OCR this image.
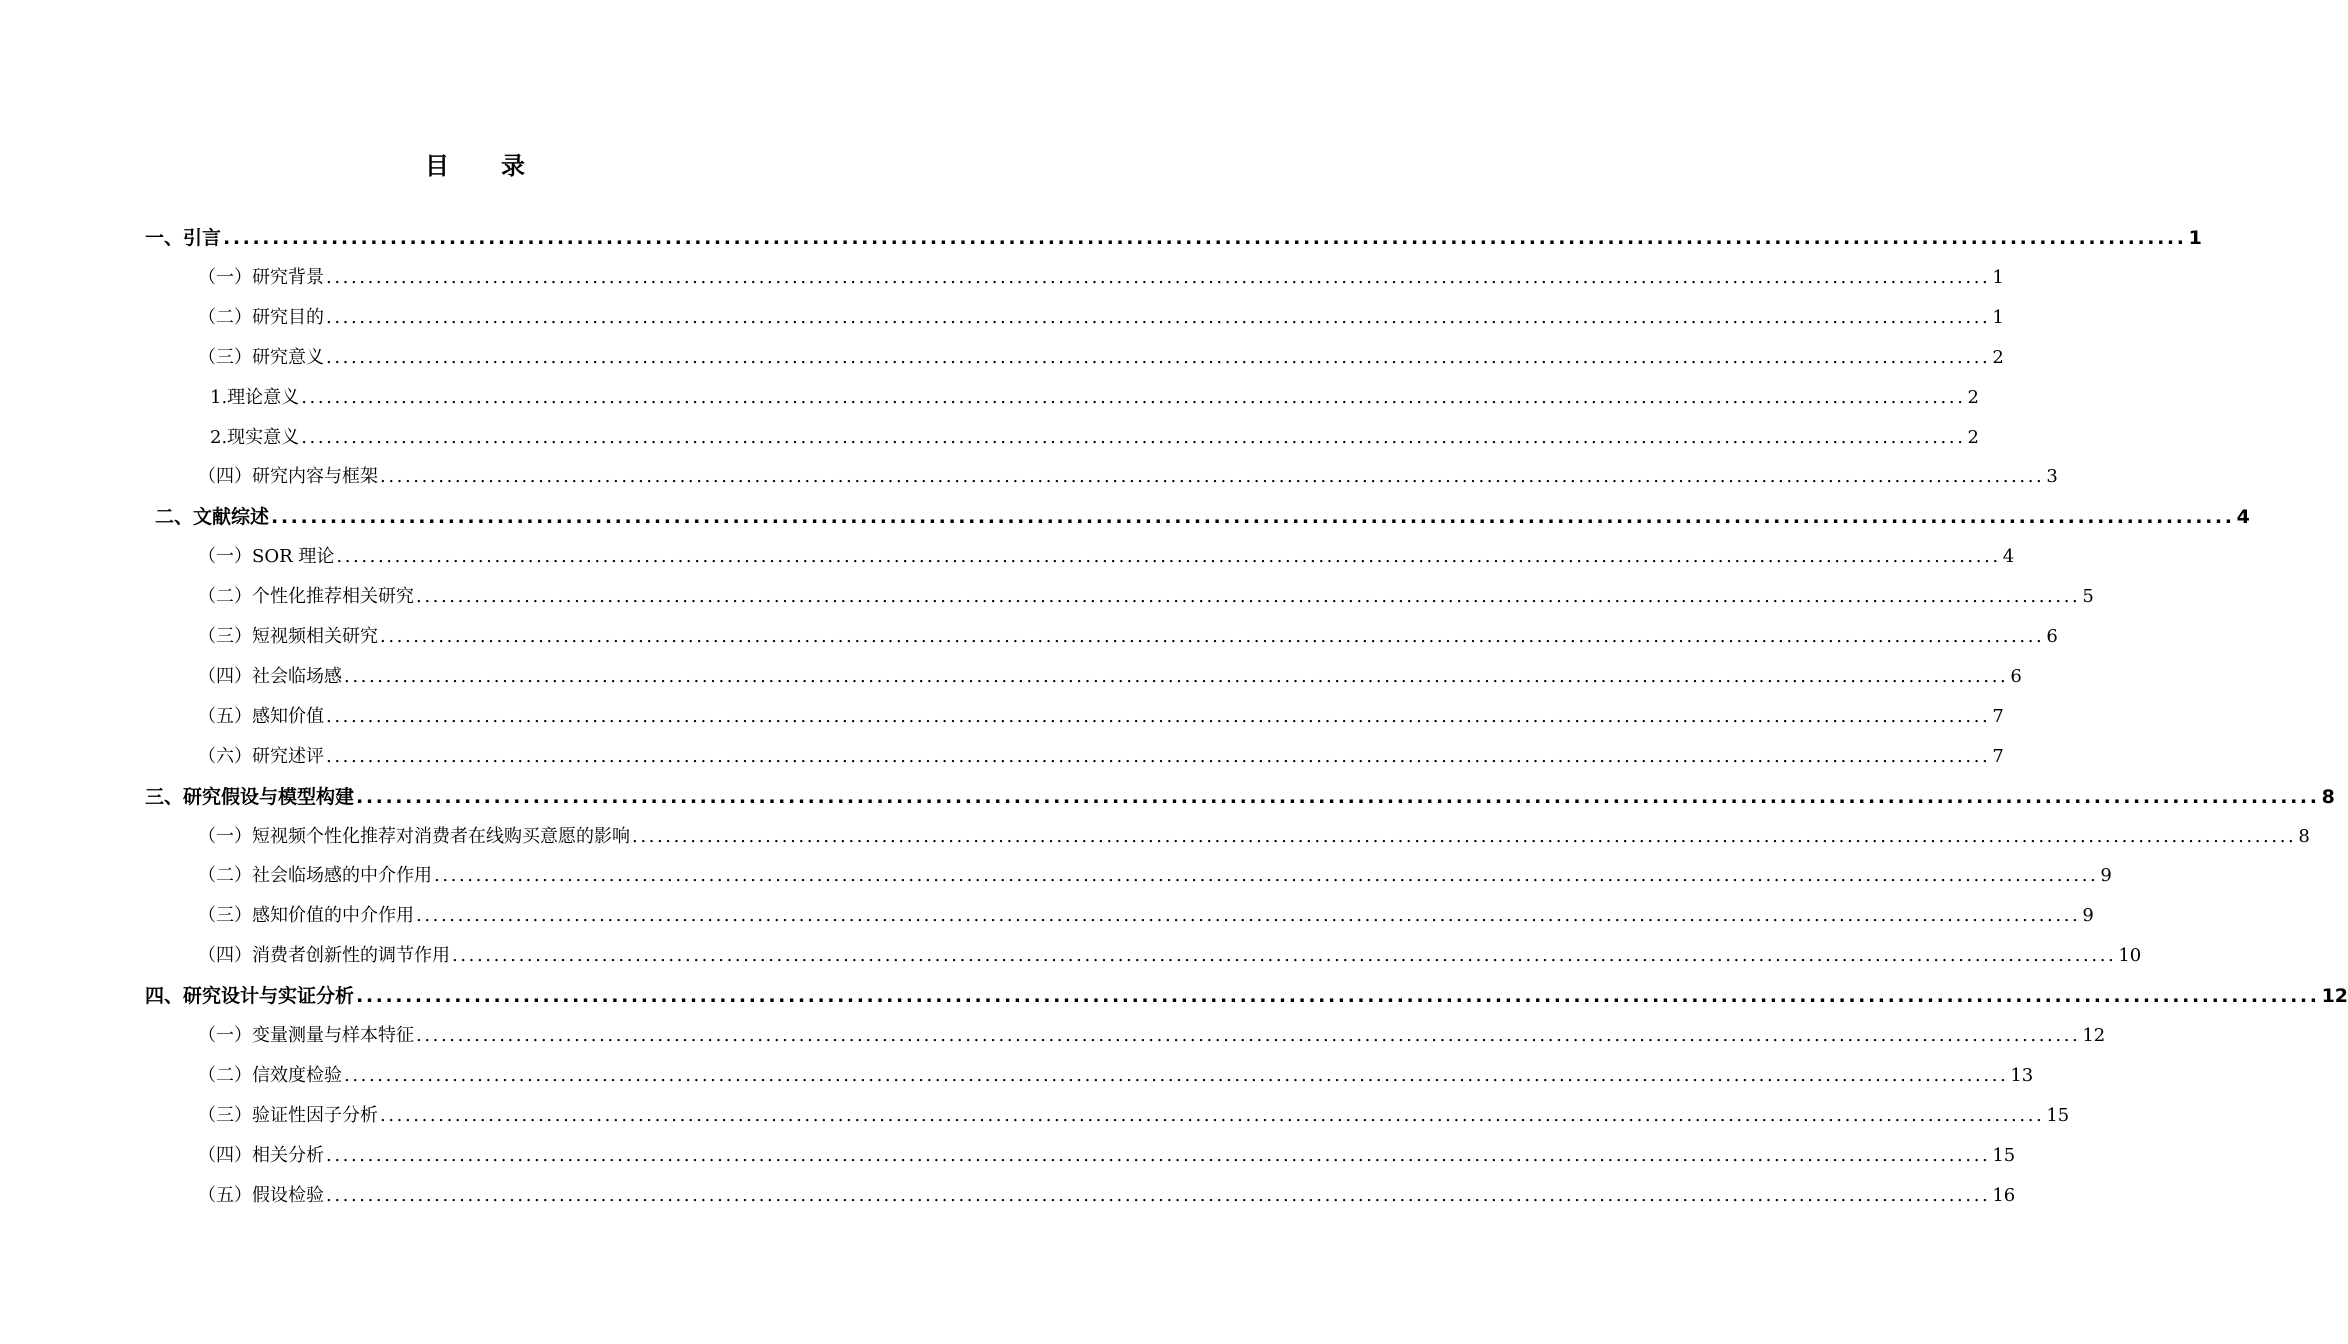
目 录
一、引言 ........................................................................................................................................................................................................ 1
（一）研究背景 ........................................................................................................................................................................................................ 1
（二）研究目的 ........................................................................................................................................................................................................ 1
（三）研究意义 ........................................................................................................................................................................................................ 2
1.理论意义 ........................................................................................................................................................................................................ 2
2.现实意义 ........................................................................................................................................................................................................ 2
（四）研究内容与框架 ........................................................................................................................................................................................................ 3
二、文献综述 ........................................................................................................................................................................................................ 4
（一）SOR 理论 ........................................................................................................................................................................................................ 4
（二）个性化推荐相关研究 ........................................................................................................................................................................................................ 5
（三）短视频相关研究 ........................................................................................................................................................................................................ 6
（四）社会临场感 ........................................................................................................................................................................................................ 6
（五）感知价值 ........................................................................................................................................................................................................ 7
（六）研究述评 ........................................................................................................................................................................................................ 7
三、研究假设与模型构建 ........................................................................................................................................................................................................ 8
（一）短视频个性化推荐对消费者在线购买意愿的影响 ........................................................................................................................................................................................................ 8
（二）社会临场感的中介作用 ........................................................................................................................................................................................................ 9
（三）感知价值的中介作用 ........................................................................................................................................................................................................ 9
（四）消费者创新性的调节作用 ........................................................................................................................................................................................................ 10
四、研究设计与实证分析 ........................................................................................................................................................................................................ 12
（一）变量测量与样本特征 ........................................................................................................................................................................................................ 12
（二）信效度检验 ........................................................................................................................................................................................................ 13
（三）验证性因子分析 ........................................................................................................................................................................................................ 15
（四）相关分析 ........................................................................................................................................................................................................ 15
（五）假设检验 ........................................................................................................................................................................................................ 16
